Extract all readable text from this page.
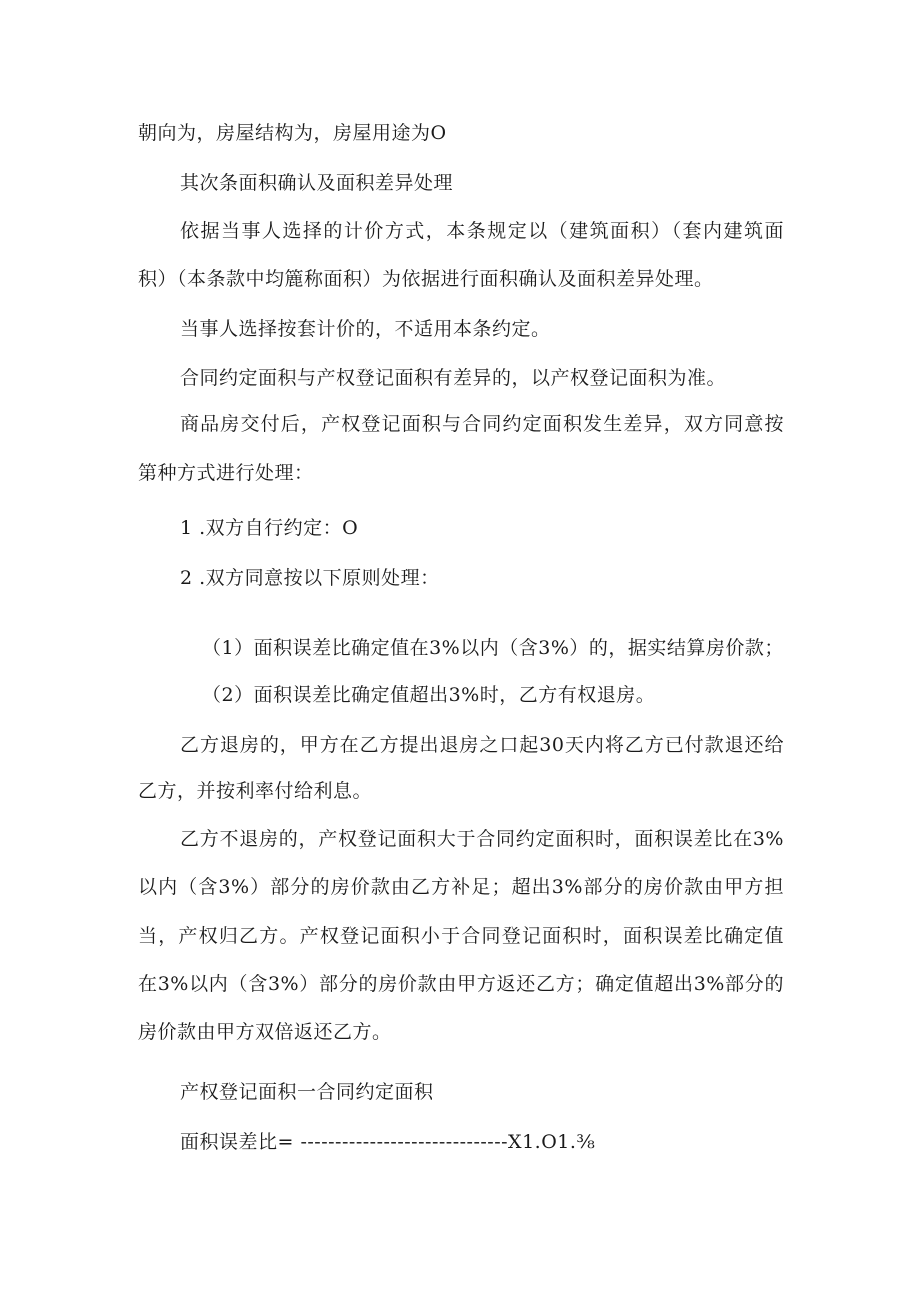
朝向为，房屋结构为，房屋用途为O
其次条面积确认及面积差异处理
依据当事人选择的计价方式，本条规定以（建筑面积）（套内建筑面
积）（本条款中均簏称面积）为依据进行面积确认及面积差异处理。
当事人选择按套计价的，不适用本条约定。
合同约定面积与产权登记面积有差异的，以产权登记面积为准。
商品房交付后，产权登记面积与合同约定面积发生差异，双方同意按
第种方式进行处理：
1 .双方自行约定：O
2 .双方同意按以下原则处理：
（1）面积误差比确定值在3%以内（含3%）的，据实结算房价款；
（2）面积误差比确定值超出3%时，乙方有权退房。
乙方退房的，甲方在乙方提出退房之口起30天内将乙方已付款退还给
乙方，并按利率付给利息。
乙方不退房的，产权登记面积大于合同约定面积时，面积误差比在3%
以内（含3%）部分的房价款由乙方补足；超出3%部分的房价款由甲方担
当，产权归乙方。产权登记面积小于合同登记面积时，面积误差比确定值
在3%以内（含3%）部分的房价款由甲方返还乙方；确定值超出3%部分的
房价款由甲方双倍返还乙方。
产权登记面积一合同约定面积
面积误差比= ------------------------------X1.O1.⅜
